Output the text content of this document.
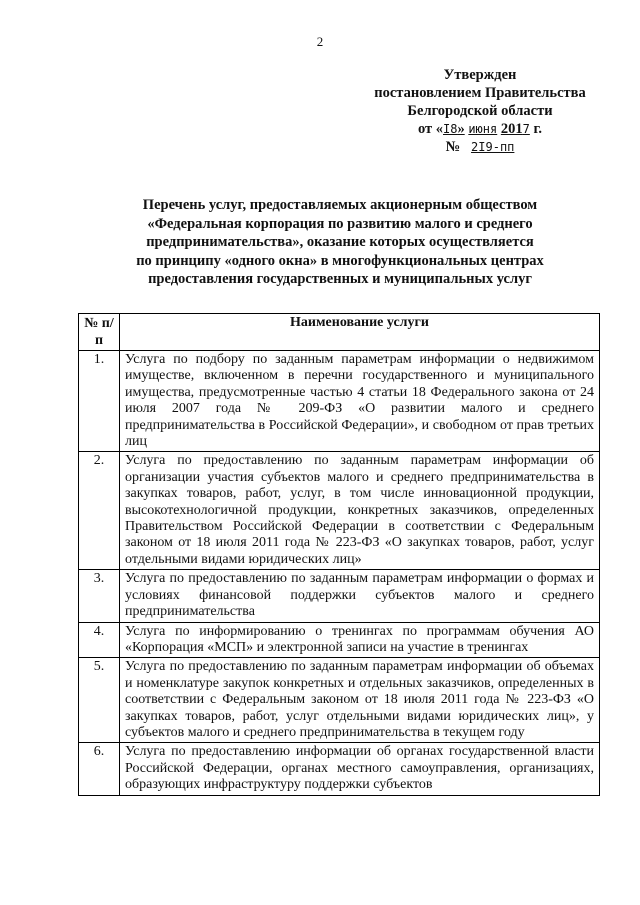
2
Утвержден
постановлением Правительства
Белгородской области
от «I8» июня 2017 г.
№ 2I9-пп
Перечень услуг, предоставляемых акционерным обществом
«Федеральная корпорация по развитию малого и среднего
предпринимательства», оказание которых осуществляется
по принципу «одного окна» в многофункциональных центрах
предоставления государственных и муниципальных услуг
№ п/п	Наименование услуги
1.	Услуга по подбору по заданным параметрам информации о недвижимом имуществе, включенном в перечни государственного и муниципального имущества, предусмотренные частью 4 статьи 18 Федерального закона от 24 июля 2007 года № 209-ФЗ «О развитии малого и среднего предпринимательства в Российской Федерации», и свободном от прав третьих лиц
2.	Услуга по предоставлению по заданным параметрам информации об организации участия субъектов малого и среднего предпринимательства в закупках товаров, работ, услуг, в том числе инновационной продукции, высокотехнологичной продукции, конкретных заказчиков, определенных Правительством Российской Федерации в соответствии с Федеральным законом от 18 июля 2011 года № 223-ФЗ «О закупках товаров, работ, услуг отдельными видами юридических лиц»
3.	Услуга по предоставлению по заданным параметрам информации о формах и условиях финансовой поддержки субъектов малого и среднего предпринимательства
4.	Услуга по информированию о тренингах по программам обучения АО «Корпорация «МСП» и электронной записи на участие в тренингах
5.	Услуга по предоставлению по заданным параметрам информации об объемах и номенклатуре закупок конкретных и отдельных заказчиков, определенных в соответствии с Федеральным законом от 18 июля 2011 года № 223-ФЗ «О закупках товаров, работ, услуг отдельными видами юридических лиц», у субъектов малого и среднего предпринимательства в текущем году
6.	Услуга по предоставлению информации об органах государственной власти Российской Федерации, органах местного самоуправления, организациях, образующих инфраструктуру поддержки субъектов
